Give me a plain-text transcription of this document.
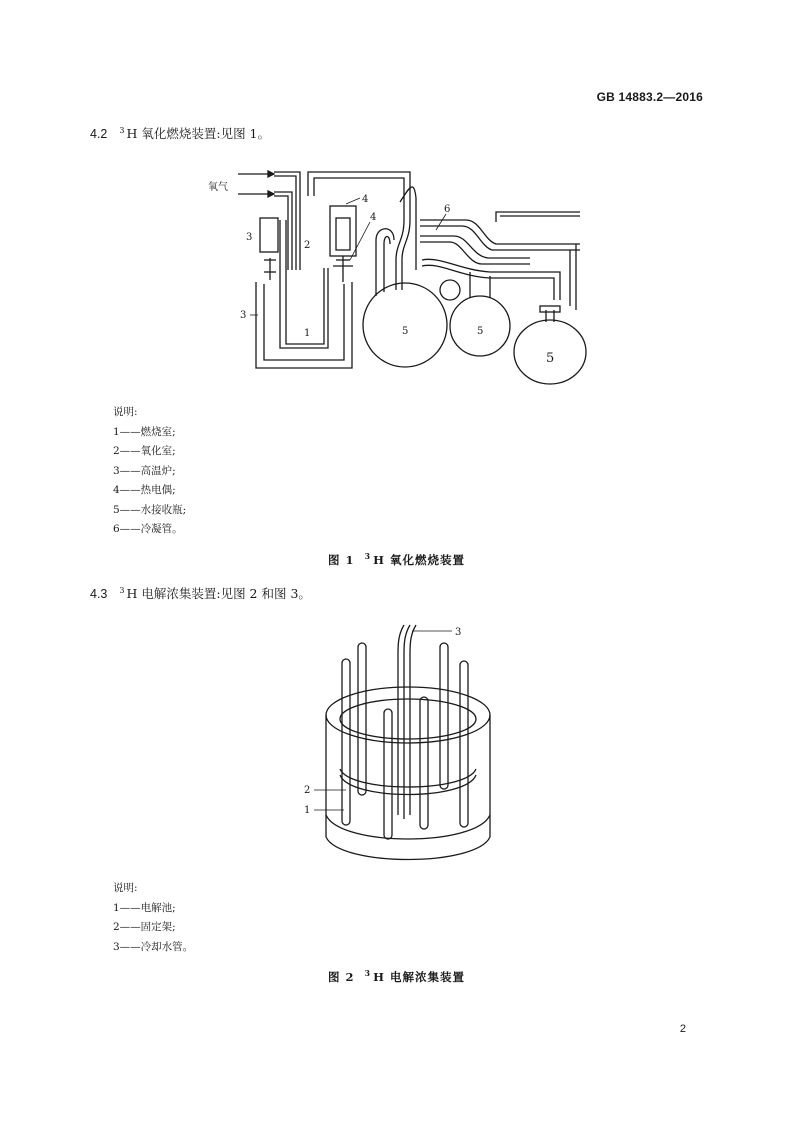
GB 14883.2—2016
4.2 $^3$ H 氧化燃烧装置:见图 1。
氧气
1
2
3
3
4
4
5	5
5
6
说明:
1——燃烧室;
2——氧化室;
3——高温炉;
4——热电偶;
5——水接收瓶;
6——冷凝管。
图 1 $^3$ H 氧化燃烧装置
4.3 $^3$ H 电解浓集装置:见图 2 和图 3。
3
2
1
说明:
1——电解池;
2——固定架;
3——冷却水管。
图 2 $^3$ H 电解浓集装置
2
